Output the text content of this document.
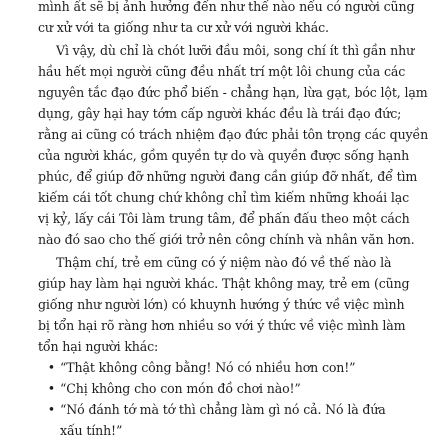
mình ất sẽ bị ảnh hưởng đến như thế nào nếu có người cũng
cư xử với ta giống như ta cư xử với người khác.
Vì vậy, dù chỉ là chót lưỡi đầu môi, song chí ít thì gần như
hầu hết mọi người cũng đều nhất trí một lôi chung của các
nguyên tắc đạo đức phổ biến - chẳng hạn, lừa gạt, bóc lột, lạm
dụng, gây hại hay tớm cấp người khác đều là trái đạo đức;
rằng ai cũng có trách nhiệm đạo đức phải tôn trọng các quyền
của người khác, gồm quyền tự do và quyền được sống hạnh
phúc, để giúp đỡ những người đang cần giúp đỡ nhất, để tìm
kiếm cái tốt chung chứ không chỉ tìm kiếm những khoái lạc
vị kỷ, lấy cái Tôi làm trung tâm, để phấn đấu theo một cách
nào đó sao cho thế giới trở nên công chính và nhân văn hơn.
Thậm chí, trẻ em cũng có ý niệm nào đó về thế nào là
giúp hay làm hại người khác. Thật không may, trẻ em (cũng
giống như người lớn) có khuynh hướng ý thức về việc mình
bị tổn hại rõ ràng hơn nhiều so với ý thức về việc mình làm
tổn hại người khác:
• “Thật không công bằng! Nó có nhiều hơn con!”
• “Chị không cho con món đồ chơi nào!”
• “Nó đánh tớ mà tớ thì chẳng làm gì nó cả. Nó là đứa
xấu tính!”
